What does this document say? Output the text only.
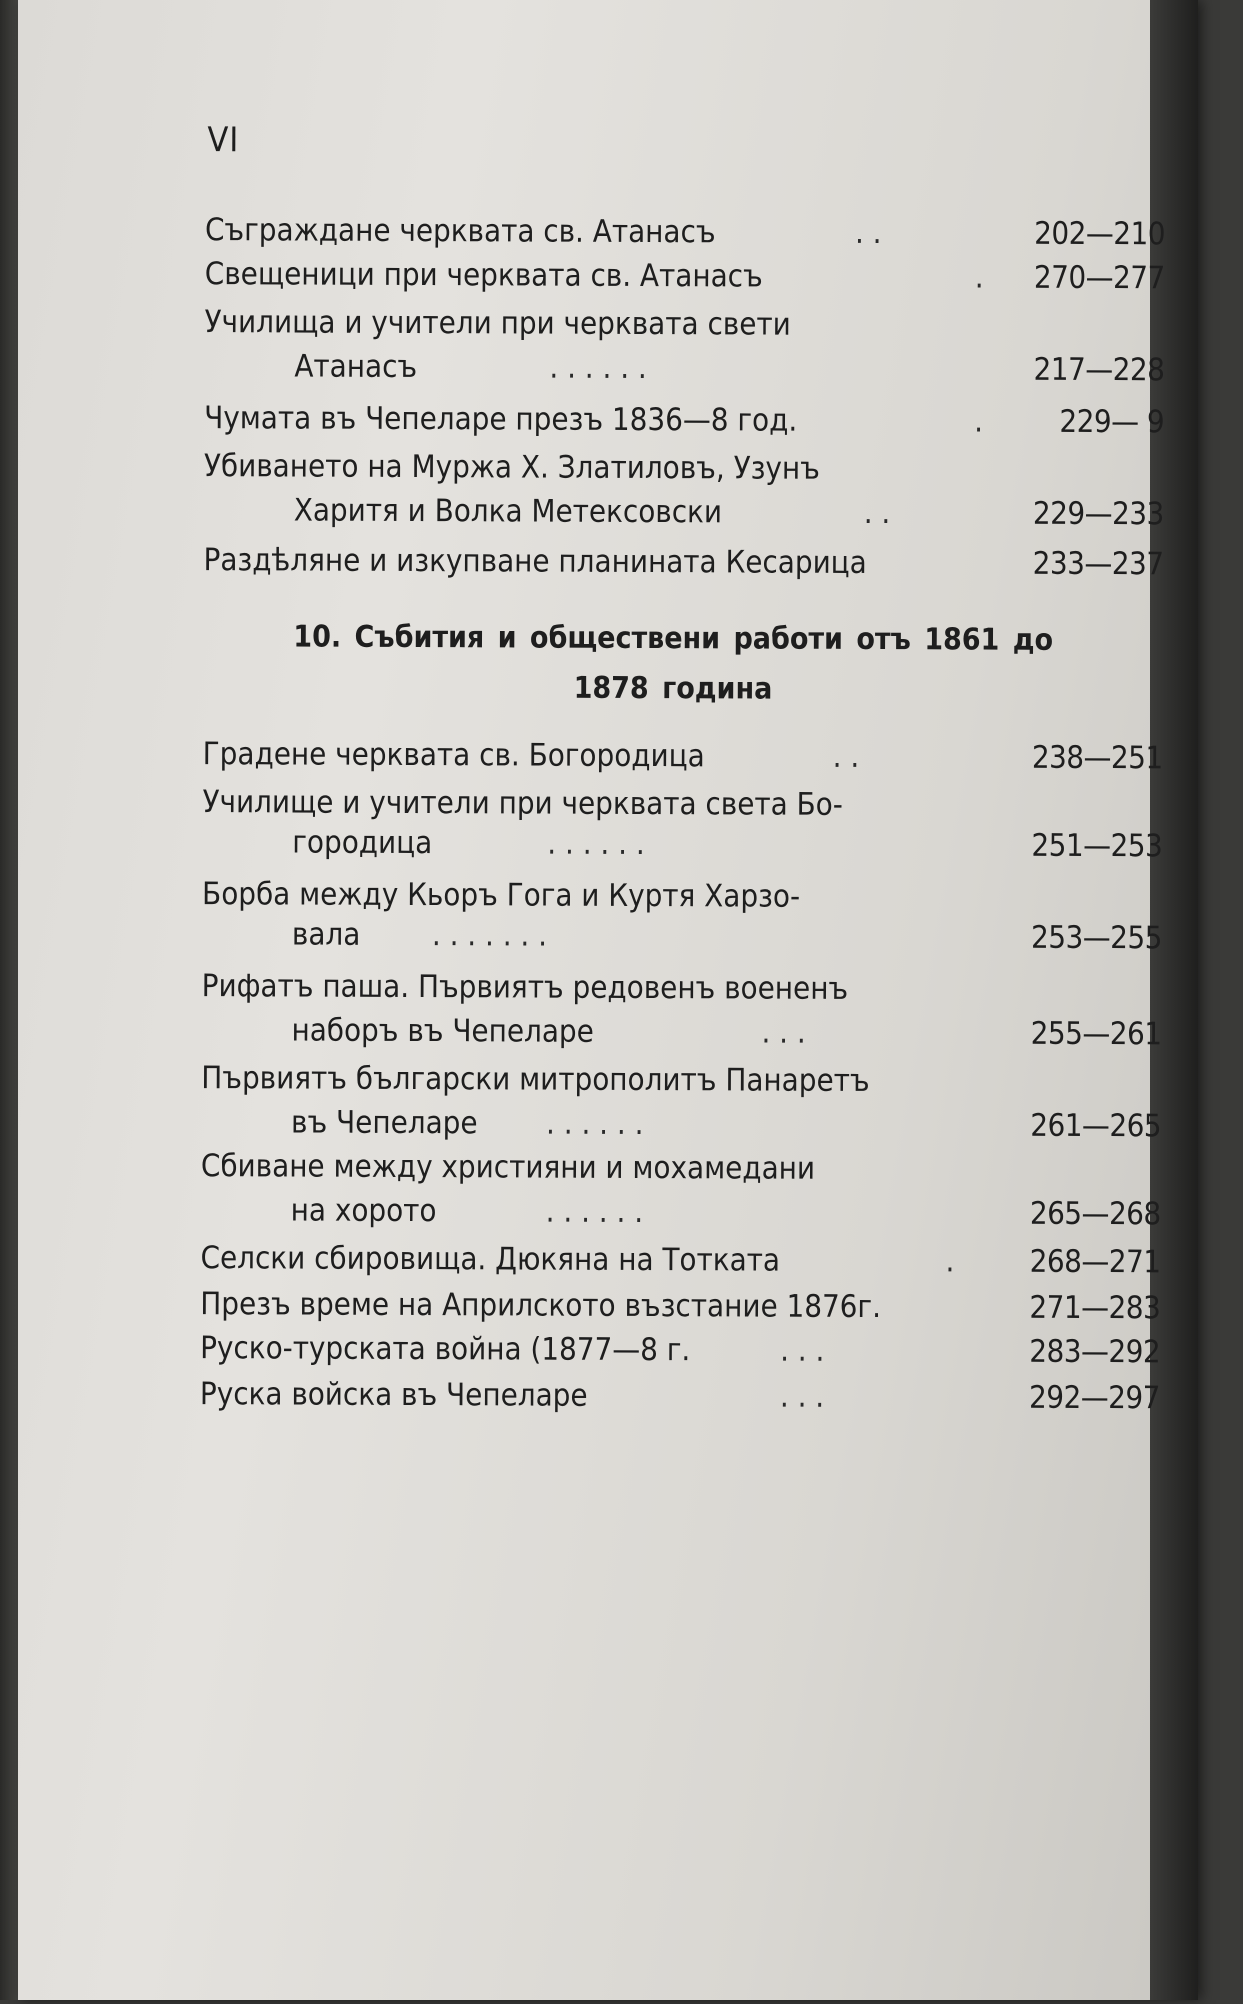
VI
Съграждане черквата св. Атанасъ	. .	202—210
Свещеници при черквата св. Атанасъ	.	270—277
Училища и учители при черквата свети
Атанасъ	. . . . . .	217—228
Чумата въ Чепеларе презъ 1836—8 год.	.	229— 9
Убиването на Муржа Х. Златиловъ, Узунъ
Харитя и Волка Метексовски	. .	229—233
Раздѣляне и изкупване планината Кесарица	233—237
10. Събития и обществени работи отъ 1861 до
1878 година
Градене черквата св. Богородица	. .	238—251
Училище и учители при черквата света Бо-
городица	. . . . . .	251—253
Борба между Кьоръ Гога и Куртя Харзо-
вала . . . . . . .	253—255
Рифатъ паша. Първиятъ редовенъ воененъ
наборъ въ Чепеларе	. . .	255—261
Първиятъ български митрополитъ Панаретъ
въ Чепеларе . . . . . .	261—265
Сбиване между християни и мохамедани
на хорото	. . . . . .	265—268
Селски сбировища. Дюкяна на Тотката	.	268—271
Презъ време на Априлското възстание 1876г.	271—283
Руско-турската война (1877—8 г.	. . .	283—292
Руска войска въ Чепеларе	. . .	292—297
